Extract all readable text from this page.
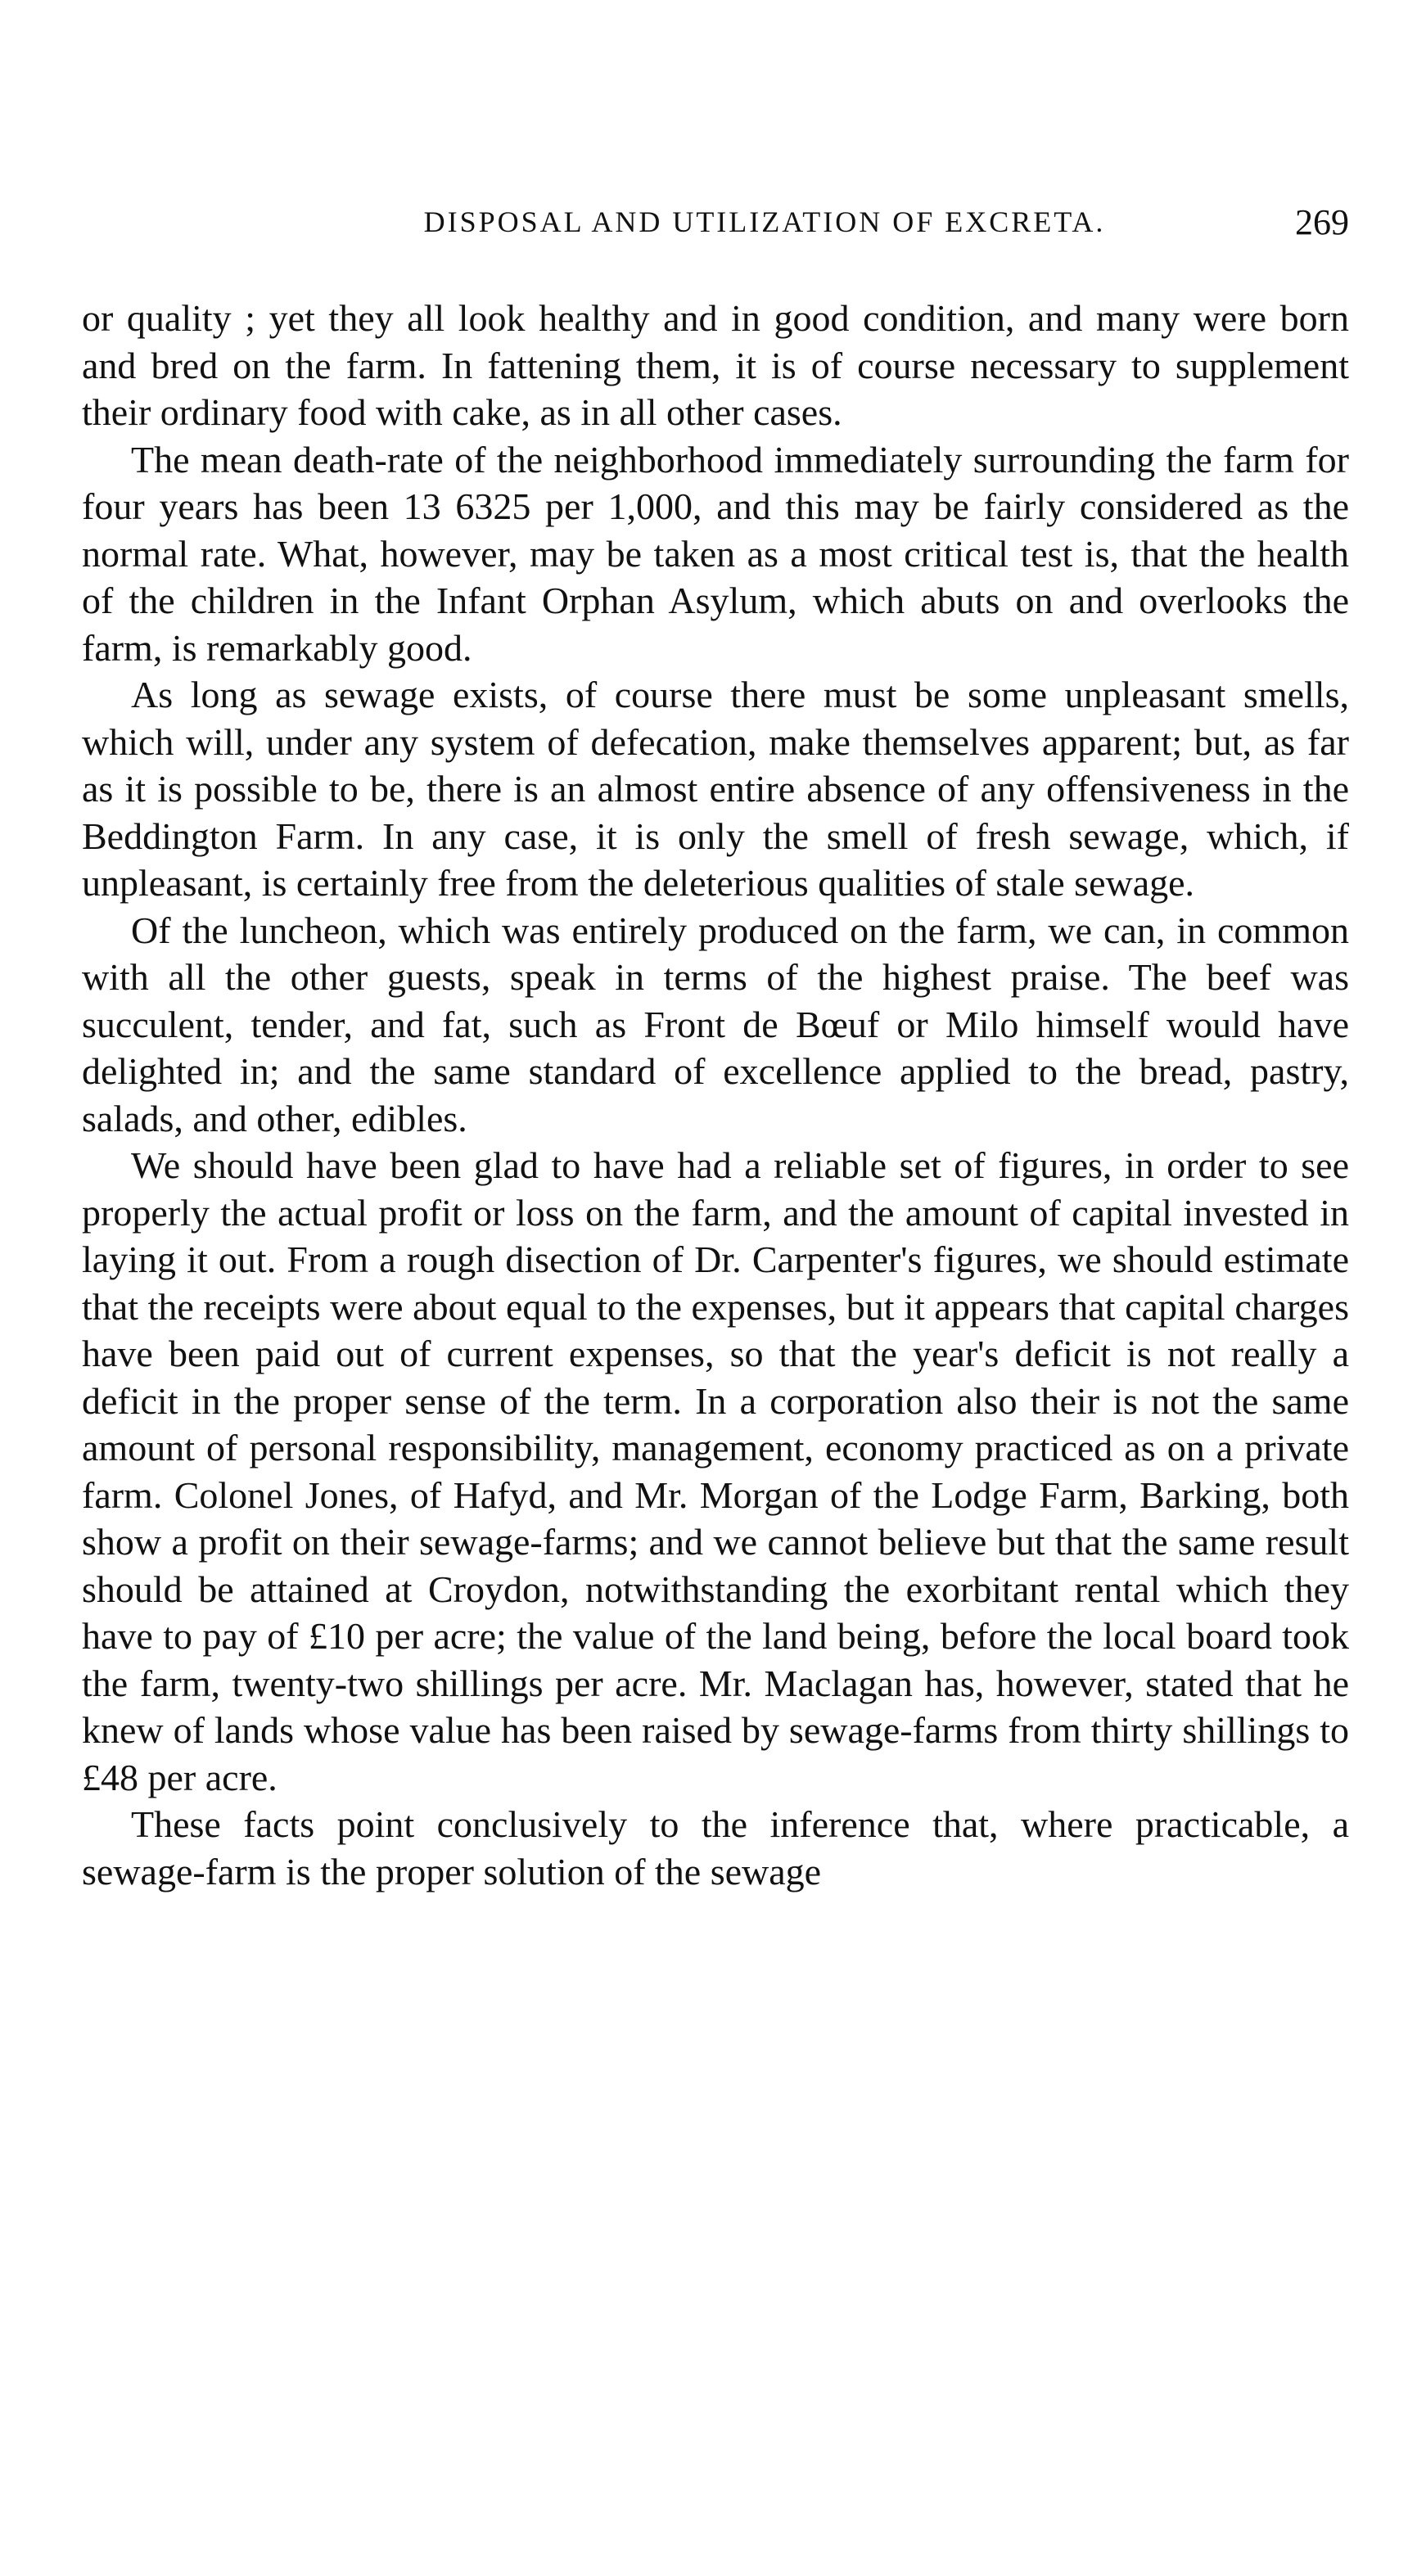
DISPOSAL AND UTILIZATION OF EXCRETA.	269

or quality ; yet they all look healthy and in good condition, and many were born and bred on the farm. In fattening them, it is of course necessary to supplement their ordinary food with cake, as in all other cases.

The mean death-rate of the neighborhood immediately surrounding the farm for four years has been 13 6325 per 1,000, and this may be fairly considered as the normal rate. What, however, may be taken as a most critical test is, that the health of the children in the Infant Orphan Asylum, which abuts on and overlooks the farm, is remarkably good.

As long as sewage exists, of course there must be some unpleasant smells, which will, under any system of defecation, make themselves apparent; but, as far as it is possible to be, there is an almost entire absence of any offensiveness in the Beddington Farm. In any case, it is only the smell of fresh sewage, which, if unpleasant, is certainly free from the deleterious qualities of stale sewage.

Of the luncheon, which was entirely produced on the farm, we can, in common with all the other guests, speak in terms of the highest praise. The beef was succulent, tender, and fat, such as Front de Bœuf or Milo himself would have delighted in; and the same standard of excellence applied to the bread, pastry, salads, and other, edibles.

We should have been glad to have had a reliable set of figures, in order to see properly the actual profit or loss on the farm, and the amount of capital invested in laying it out. From a rough disection of Dr. Carpenter's figures, we should estimate that the receipts were about equal to the expenses, but it appears that capital charges have been paid out of current expenses, so that the year's deficit is not really a deficit in the proper sense of the term. In a corporation also their is not the same amount of personal responsibility, management, economy practiced as on a private farm. Colonel Jones, of Hafyd, and Mr. Morgan of the Lodge Farm, Barking, both show a profit on their sewage-farms; and we cannot believe but that the same result should be attained at Croydon, notwithstanding the exorbitant rental which they have to pay of £10 per acre; the value of the land being, before the local board took the farm, twenty-two shillings per acre. Mr. Maclagan has, however, stated that he knew of lands whose value has been raised by sewage-farms from thirty shillings to £48 per acre.

These facts point conclusively to the inference that, where practicable, a sewage-farm is the proper solution of the sewage
